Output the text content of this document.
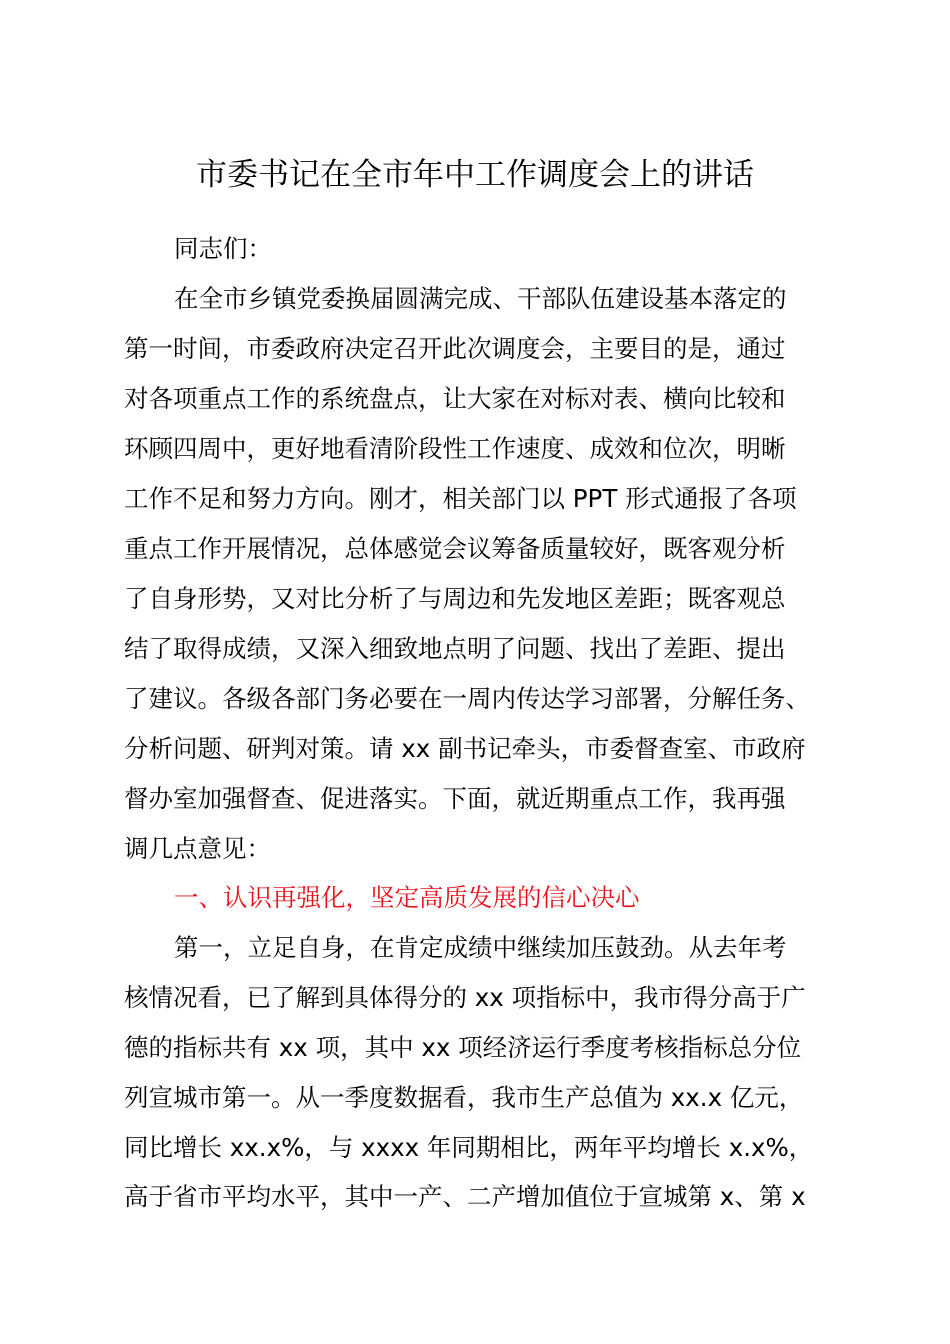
市委书记在全市年中工作调度会上的讲话
同志们：
在全市乡镇党委换届圆满完成、干部队伍建设基本落定的
第一时间，市委政府决定召开此次调度会，主要目的是，通过
对各项重点工作的系统盘点，让大家在对标对表、横向比较和
环顾四周中，更好地看清阶段性工作速度、成效和位次，明晰
工作不足和努力方向。刚才，相关部门以 PPT 形式通报了各项
重点工作开展情况，总体感觉会议筹备质量较好，既客观分析
了自身形势，又对比分析了与周边和先发地区差距；既客观总
结了取得成绩，又深入细致地点明了问题、找出了差距、提出
了建议。各级各部门务必要在一周内传达学习部署，分解任务、
分析问题、研判对策。请 xx 副书记牵头，市委督查室、市政府
督办室加强督查、促进落实。下面，就近期重点工作，我再强
调几点意见：
一、认识再强化，坚定高质发展的信心决心
第一，立足自身，在肯定成绩中继续加压鼓劲。从去年考
核情况看，已了解到具体得分的 xx 项指标中，我市得分高于广
德的指标共有 xx 项，其中 xx 项经济运行季度考核指标总分位
列宣城市第一。从一季度数据看，我市生产总值为 xx.x 亿元，
同比增长 xx.x%，与 xxxx 年同期相比，两年平均增长 x.x%，
高于省市平均水平，其中一产、二产增加值位于宣城第 x、第 x
